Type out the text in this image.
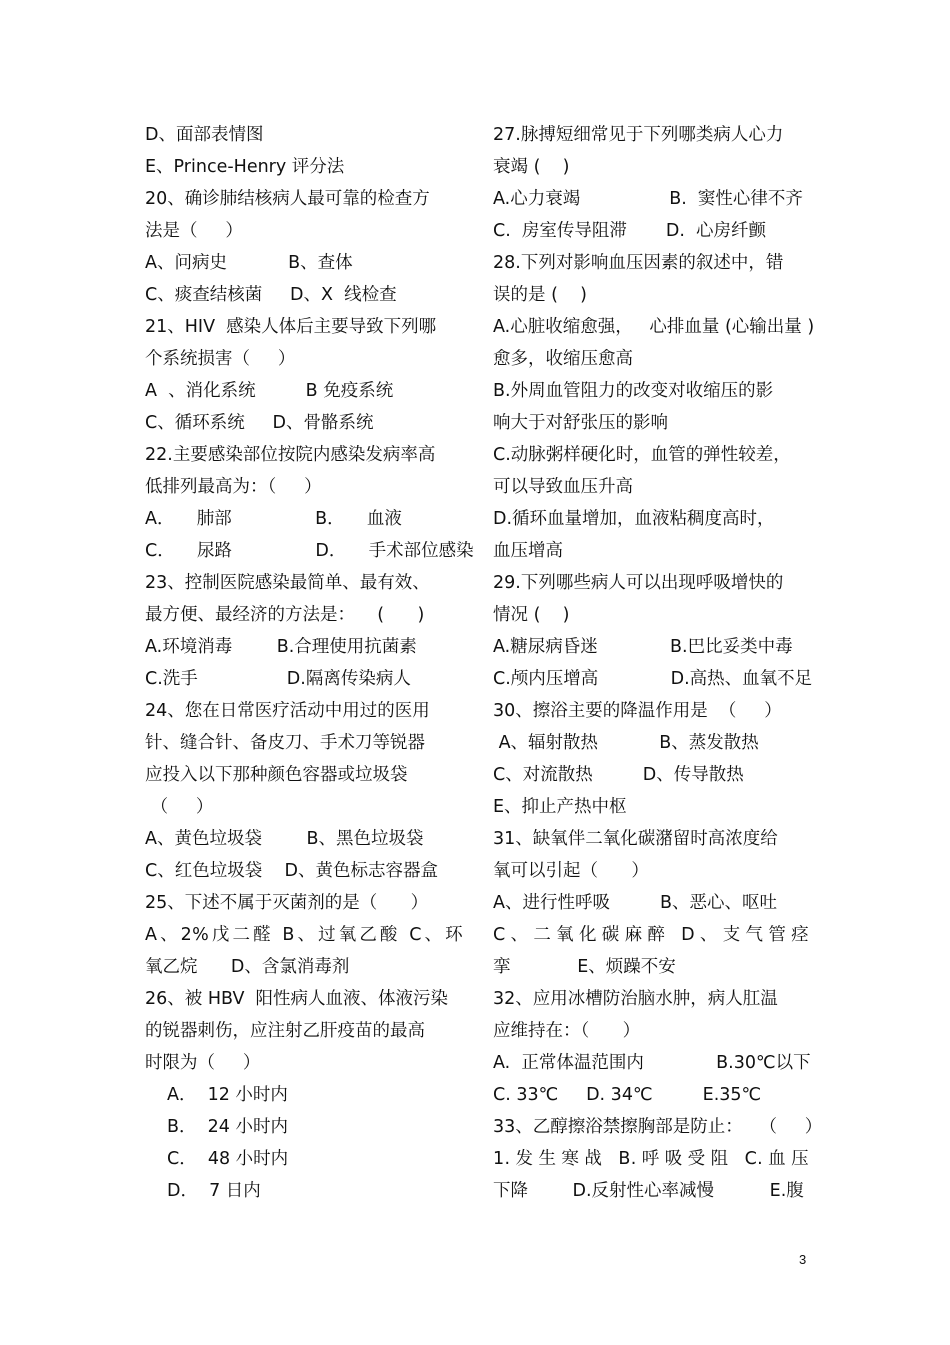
D、面部表情图
E、Prince-Henry 评分法
20、确诊肺结核病人最可靠的检查方
法是（     ）
A、问病史           B、查体
C、痰查结核菌     D、X  线检查
21、HIV  感染人体后主要导致下列哪
个系统损害（     ）
A  、消化系统         B 免疫系统
C、循环系统     D、骨骼系统
22.主要感染部位按院内感染发病率高
低排列最高为：（     ）
A．    肺部               B．    血液
C．    尿路               D．    手术部位感染
23、控制医院感染最简单、最有效、
最方便、最经济的方法是：    (      )
A.环境消毒        B.合理使用抗菌素
C.洗手                D.隔离传染病人
24、您在日常医疗活动中用过的医用
针、缝合针、备皮刀、手术刀等锐器
应投入以下那种颜色容器或垃圾袋
（     ）
A、黄色垃圾袋        B、黑色垃圾袋
C、红色垃圾袋    D、黄色标志容器盒
25、下述不属于灭菌剂的是（      ）
A、2%戊二醛 B、过氧乙酸 C、环
氧乙烷      D、含氯消毒剂
26、被 HBV  阳性病人血液、体液污染
的锐器刺伤，应注射乙肝疫苗的最高
时限为（     ）
A．  12 小时内
B．  24 小时内
C．  48 小时内
D．  7 日内
27.脉搏短细常见于下列哪类病人心力
衰竭 (    )
A.心力衰竭                B.  窦性心律不齐
C.  房室传导阻滞       D.  心房纤颤
28.下列对影响血压因素的叙述中，错
误的是 (    )
A.心脏收缩愈强，   心排血量 (心输出量 )
愈多，收缩压愈高
B.外周血管阻力的改变对收缩压的影
响大于对舒张压的影响
C.动脉粥样硬化时，血管的弹性较差，
可以导致血压升高
D.循环血量增加，血液粘稠度高时，
血压增高
29.下列哪些病人可以出现呼吸增快的
情况 (    )
A.糖尿病昏迷             B.巴比妥类中毒
C.颅内压增高             D.高热、血氧不足
30、擦浴主要的降温作用是  （     ）
A、辐射散热           B、蒸发散热
C、对流散热         D、传导散热
E、抑止产热中枢
31、缺氧伴二氧化碳潴留时高浓度给
氧可以引起（      ）
A、进行性呼吸         B、恶心、呕吐
C、二氧化碳麻醉 D、支气管痉
挛            E、烦躁不安
32、应用冰槽防治脑水肿，病人肛温
应维持在：（      ）
A.  正常体温范围内             B.30℃以下
C. 33℃     D. 34℃         E.35℃
33、乙醇擦浴禁擦胸部是防止：   （     ）
1.发生寒战 B.呼吸受阻 C.血压
下降        D.反射性心率减慢          E.腹
3
